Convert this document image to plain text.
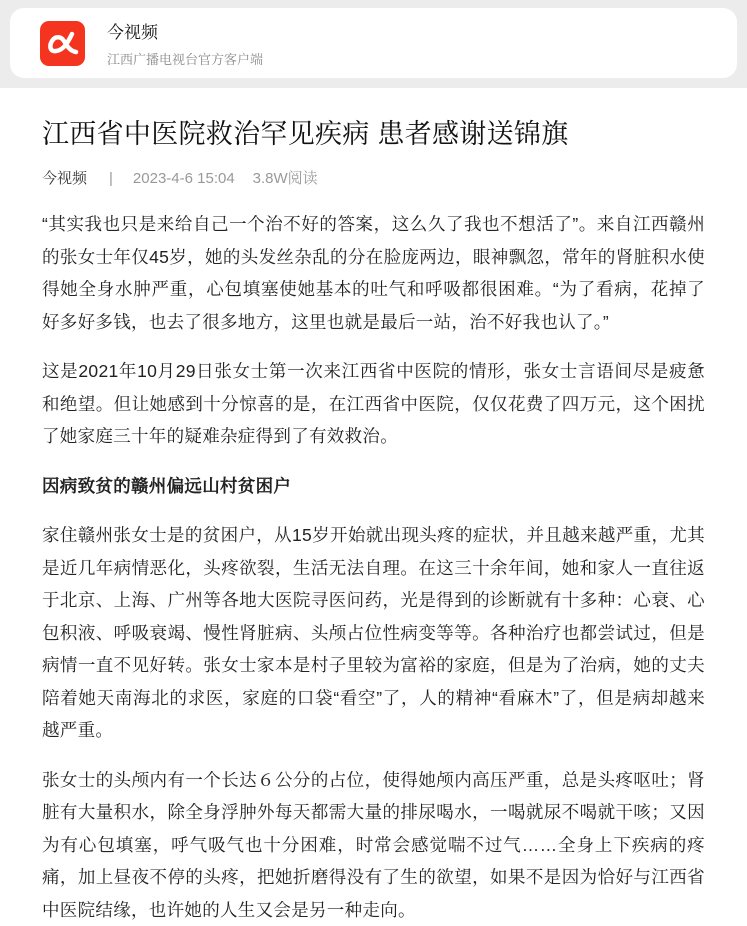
今视频
江西广播电视台官方客户端
江西省中医院救治罕见疾病 患者感谢送锦旗
今视频 | 2023-4-6 15:04 3.8W阅读

“其实我也只是来给自己一个治不好的答案，这么久了我也不想活了”。来自江西赣州的张女士年仅45岁，她的头发丝杂乱的分在脸庞两边，眼神飘忽，常年的肾脏积水使得她全身水肿严重，心包填塞使她基本的吐气和呼吸都很困难。“为了看病，花掉了好多好多钱，也去了很多地方，这里也就是最后一站，治不好我也认了。”

这是2021年10月29日张女士第一次来江西省中医院的情形，张女士言语间尽是疲惫和绝望。但让她感到十分惊喜的是，在江西省中医院，仅仅花费了四万元，这个困扰了她家庭三十年的疑难杂症得到了有效救治。

因病致贫的赣州偏远山村贫困户

家住赣州张女士是的贫困户，从15岁开始就出现头疼的症状，并且越来越严重，尤其是近几年病情恶化，头疼欲裂，生活无法自理。在这三十余年间，她和家人一直往返于北京、上海、广州等各地大医院寻医问药，光是得到的诊断就有十多种：心衰、心包积液、呼吸衰竭、慢性肾脏病、头颅占位性病变等等。各种治疗也都尝试过，但是病情一直不见好转。张女士家本是村子里较为富裕的家庭，但是为了治病，她的丈夫陪着她天南海北的求医，家庭的口袋“看空”了，人的精神“看麻木”了，但是病却越来越严重。

张女士的头颅内有一个长达６公分的占位，使得她颅内高压严重，总是头疼呕吐；肾脏有大量积水，除全身浮肿外每天都需大量的排尿喝水，一喝就尿不喝就干咳；又因为有心包填塞，呼气吸气也十分困难，时常会感觉喘不过气……全身上下疾病的疼痛，加上昼夜不停的头疼，把她折磨得没有了生的欲望，如果不是因为恰好与江西省中医院结缘，也许她的人生又会是另一种走向。
